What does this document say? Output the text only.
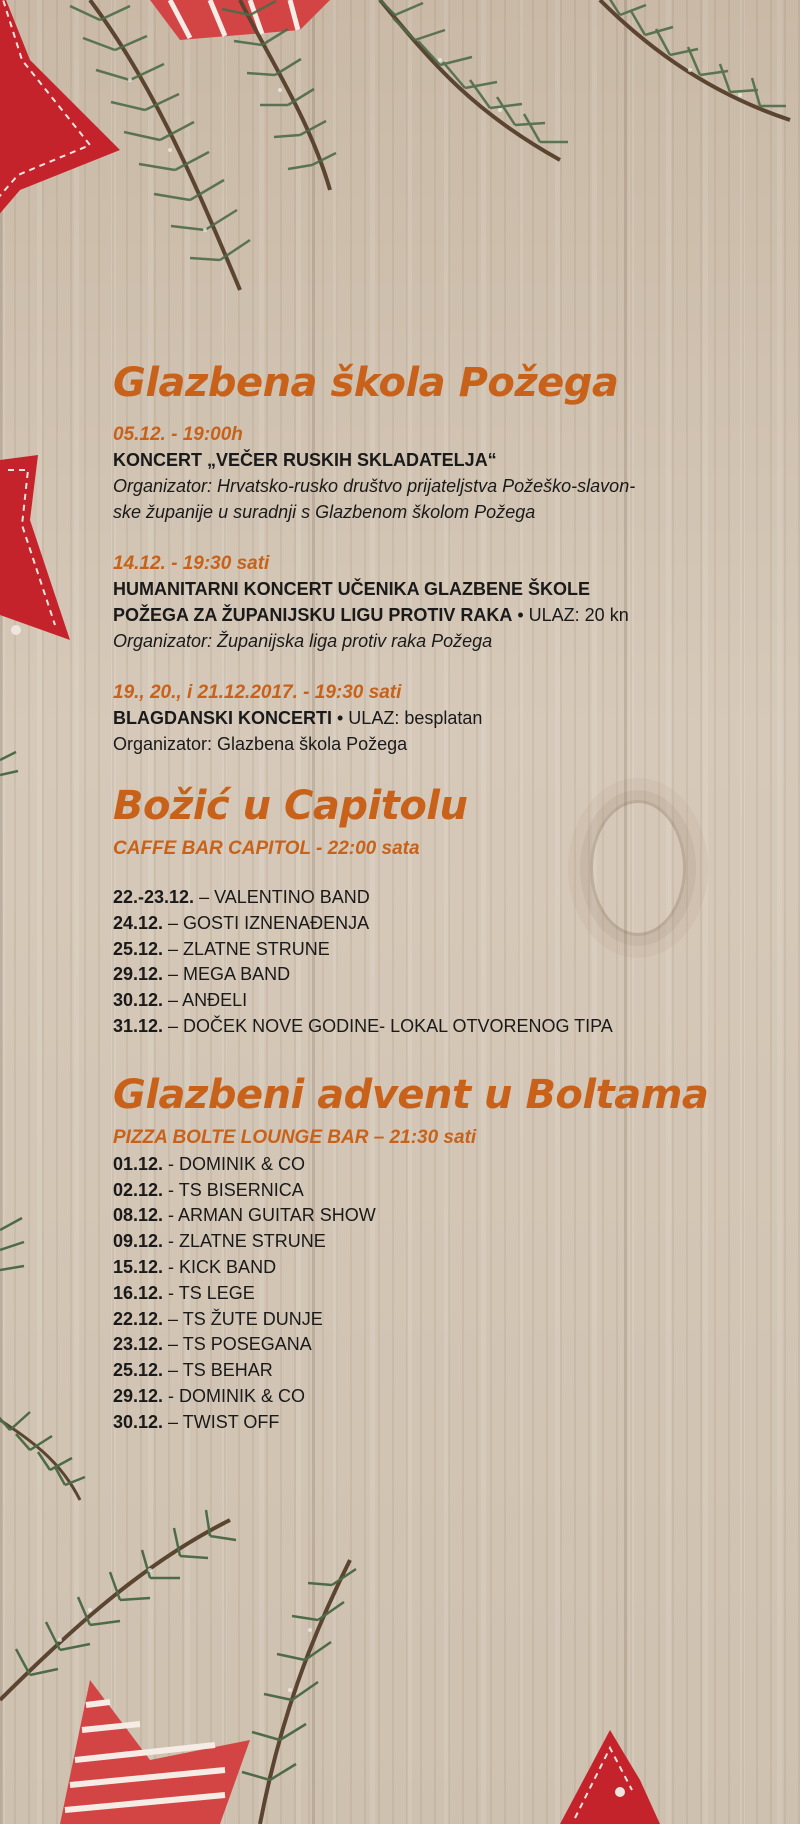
Glazbena škola Požega
05.12. - 19:00h
KONCERT „VEČER RUSKIH SKLADATELJA“
Organizator: Hrvatsko-rusko društvo prijateljstva Požeško-slavon-
ske županije u suradnji s Glazbenom školom Požega
14.12. - 19:30 sati
HUMANITARNI KONCERT UČENIKA GLAZBENE ŠKOLE
POŽEGA ZA ŽUPANIJSKU LIGU PROTIV RAKA • ULAZ: 20 kn
Organizator: Županijska liga protiv raka Požega
19., 20., i 21.12.2017. - 19:30 sati
BLAGDANSKI KONCERTI • ULAZ: besplatan
Organizator: Glazbena škola Požega
Božić u Capitolu
CAFFE BAR CAPITOL - 22:00 sata
22.-23.12. – VALENTINO BAND
24.12. – GOSTI IZNENAĐENJA
25.12. – ZLATNE STRUNE
29.12. – MEGA BAND
30.12. – ANĐELI
31.12. – DOČEK NOVE GODINE- LOKAL OTVORENOG TIPA
Glazbeni advent u Boltama
PIZZA BOLTE LOUNGE BAR – 21:30 sati
01.12. - DOMINIK & CO
02.12. - TS BISERNICA
08.12. - ARMAN GUITAR SHOW
09.12. - ZLATNE STRUNE
15.12. - KICK BAND
16.12. - TS LEGE
22.12. – TS ŽUTE DUNJE
23.12. – TS POSEGANA
25.12. – TS BEHAR
29.12. - DOMINIK & CO
30.12. – TWIST OFF
